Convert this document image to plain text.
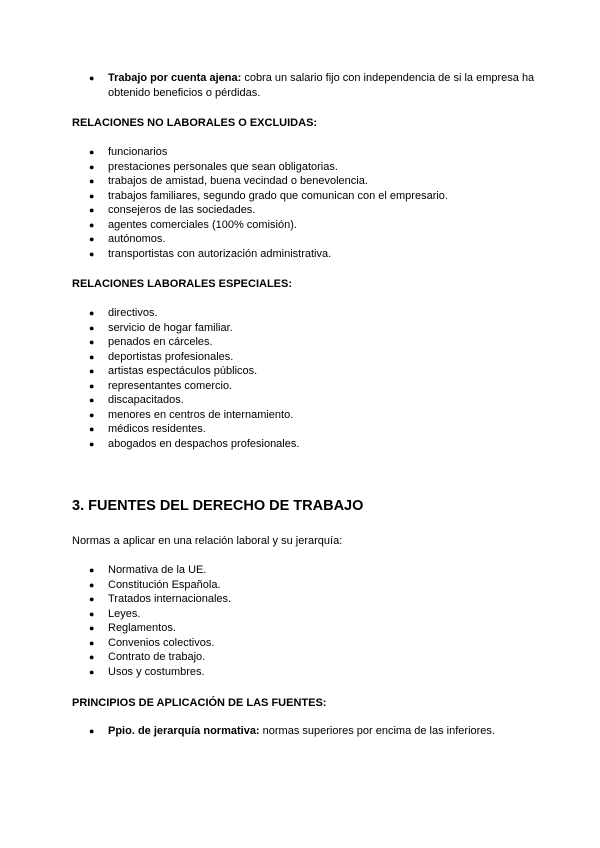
● Trabajo por cuenta ajena: cobra un salario fijo con independencia de si la empresa ha obtenido beneficios o pérdidas.

RELACIONES NO LABORALES O EXCLUIDAS:

● funcionarios
● prestaciones personales que sean obligatorias.
● trabajos de amistad, buena vecindad o benevolencia.
● trabajos familiares, segundo grado que comunican con el empresario.
● consejeros de las sociedades.
● agentes comerciales (100% comisión).
● autónomos.
● transportistas con autorización administrativa.

RELACIONES LABORALES ESPECIALES:

● directivos.
● servicio de hogar familiar.
● penados en cárceles.
● deportistas profesionales.
● artistas espectáculos públicos.
● representantes comercio.
● discapacitados.
● menores en centros de internamiento.
● médicos residentes.
● abogados en despachos profesionales.

3. FUENTES DEL DERECHO DE TRABAJO

Normas a aplicar en una relación laboral y su jerarquía:

● Normativa de la UE.
● Constitución Española.
● Tratados internacionales.
● Leyes.
● Reglamentos.
● Convenios colectivos.
● Contrato de trabajo.
● Usos y costumbres.

PRINCIPIOS DE APLICACIÓN DE LAS FUENTES:

● Ppio. de jerarquía normativa: normas superiores por encima de las inferiores.
